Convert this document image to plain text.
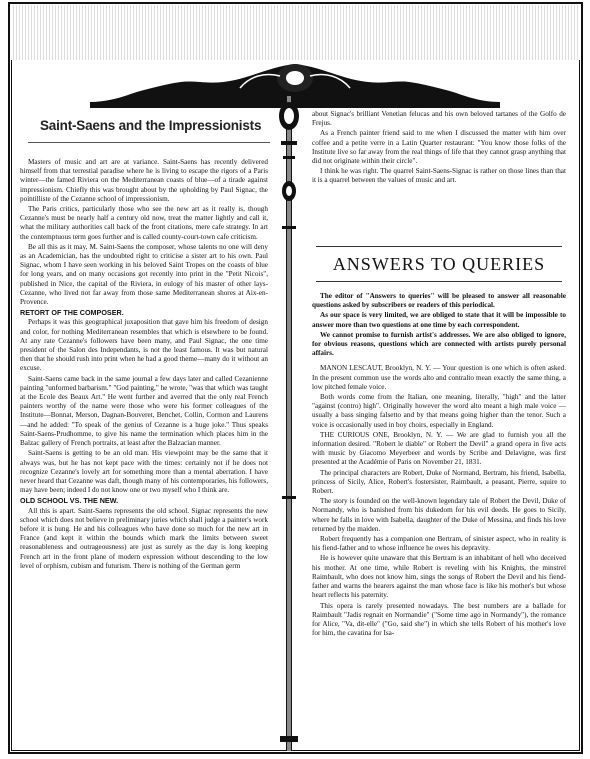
Saint-Saens and the Impressionists

Masters of music and art are at variance. Saint-Saens has recently delivered himself from that terrestial paradise where he is living to escape the rigors of a Paris winter—the famed Riviera on the Mediterranean coasts of blue—of a tirade against impressionism. Chiefly this was brought about by the upholding by Paul Signac, the pointilliste of the Cezanne school of impressionism.

The Paris critics, particularly those who see the new art as it really is, though Cezanne's must be nearly half a century old now, treat the matter lightly and call it, what the military authorities call back of the front citations, mere cafe strategy. In art the contemptuous term goes further and is called county-court-town cafe criticism.

Be all this as it may, M. Saint-Saens the composer, whose talents no one will deny as an Academician, has the undoubted right to criticise a sister art to his own. Paul Signac, whom I have seen working in his beloved Saint Tropes on the coasts of blue for long years, and on many occasions got recently into print in the "Petit Nicois", published in Nice, the capital of the Riviera, in eulogy of his master of other lays-Cezanne, who lived not far away from those same Mediterranean shores at Aix-en-Provence.

RETORT OF THE COMPOSER.

Perhaps it was this geographical juxaposition that gave him his freedom of design and color, for nothing Mediterranean resembles that which is elsewhere to be found. At any rate Cezanne's followers have been many, and Paul Signac, the one time president of the Salon des Independants, is not the least famous. It was but natural then that he should rush into print when he had a good theme—many do it without an excuse.

Saint-Saens came back in the same journal a few days later and called Cezanienne painting "unformed barbarism." "God painting," he wrote, "was that which was taught at the Ecole des Beaux Art." He went further and averred that the only real French painters worthy of the name were those who were his former colleagues of the Institute—Bonnat, Merson, Dagnan-Bouveret, Benchet, Collin, Cormon and Laurens—and he added: "To speak of the genius of Cezanne is a huge joke." Thus speaks Saint-Saens-Prudhomme, to give his name the termination which places him in the Balzac gallery of French portraits, at least after the Balzacian manner.

Saint-Saens is getting to be an old man. His viewpoint may be the same that it always was, but he has not kept pace with the times: certainly not if he does not recognize Cezanne's lovely art for something more than a mental aberration. I have never heard that Cezanne was daft, though many of his contemporaries, his followers, may have been; indeed I do not know one or two myself who I think are.

OLD SCHOOL VS. THE NEW.

All this is apart. Saint-Saens represents the old school. Signac represents the new school which does not believe in preliminary juries which shall judge a painter's work before it is hung. He and his colleagues who have done so much for the new art in France (and kept it within the bounds which mark the limits between sweet reasonableness and outrageousness) are just as surely as the day is long keeping French art in the front plane of modern expression without descending to the low level of orphism, cubism and futurism. There is nothing of the German germ

about Signac's brilliant Venetian felucas and his own beloved tartanes of the Golfo de Frejus.

As a French painter friend said to me when I discussed the matter with him over coffee and a petite verre in a Latin Quarter restaurant: "You know those folks of the Institute live so far away from the real things of life that they cannot grasp anything that did not originate within their circle".

I think he was right. The quarrel Saint-Saens-Signac is rather on those lines than that it is a quarrel between the values of music and art.

ANSWERS TO QUERIES

The editor of "Answers to queries" will be pleased to answer all reasonable questions asked by subscribers or readers of this periodical.

As our space is very limited, we are obliged to state that it will be impossible to answer more than two questions at one time by each correspondent.

We cannot promise to furnish artist's addresses. We are also obliged to ignore, for obvious reasons, questions which are connected with artists purely personal affairs.

MANON LESCAUT, Brooklyn, N. Y. — Your question is one which is often asked. In the present common use the words alto and contralto mean exactly the same thing, a low pitched female voice.

Both words come from the Italian, one meaning, literally, "high" and the latter "against (contro) high". Originally however the word alto meant a high male voice — usually a bass singing falsetto and by that means going higher than the tenor. Such a voice is occasionally used in boy choirs, especially in England.

THE CURIOUS ONE, Brooklyn, N. Y. — We are glad to furnish you all the information desired. "Robert le diable" or Robert the Devil" a grand opera in five acts with music by Giacomo Meyerbeer and words by Scribe and Delavigne, was first presented at the Académie of Paris on November 21, 1831.

The principal characters are Robert, Duke of Normand, Bertram, his friend, Isabella, princess of Sicily, Alice, Robert's fostersister, Raimbault, a peasant, Pierre, squire to Robert.

The story is founded on the well-known legendary tale of Robert the Devil, Duke of Normandy, who is banished from his dukedom for his evil deeds. He goes to Sicily, where he falls in love with Isabella, daughter of the Duke of Messina, and finds his love returned by the maiden.

Robert frequently has a companion one Bertram, of sinister aspect, who in reality is his fiend-father and to whose influence he owes his depravity.

He is however quite unaware that this Bertram is an inhabitant of hell who deceived his mother. At one time, while Robert is reveling with his Knights, the minstrel Raimbault, who does not know him, sings the songs of Robert the Devil and his fiend-father and warns the hearers against the man whose face is like his mother's but whose heart reflects his paternity.

This opera is rarely presented nowadays. The best numbers are a ballade for Raimbault "Jadis regnait en Normandie" ("Some time ago in Normandy"), the romance for Alice, "Va, dit-elle" ("Go, said she") in which she tells Robert of his mother's love for him, the cavatina for Isa-
